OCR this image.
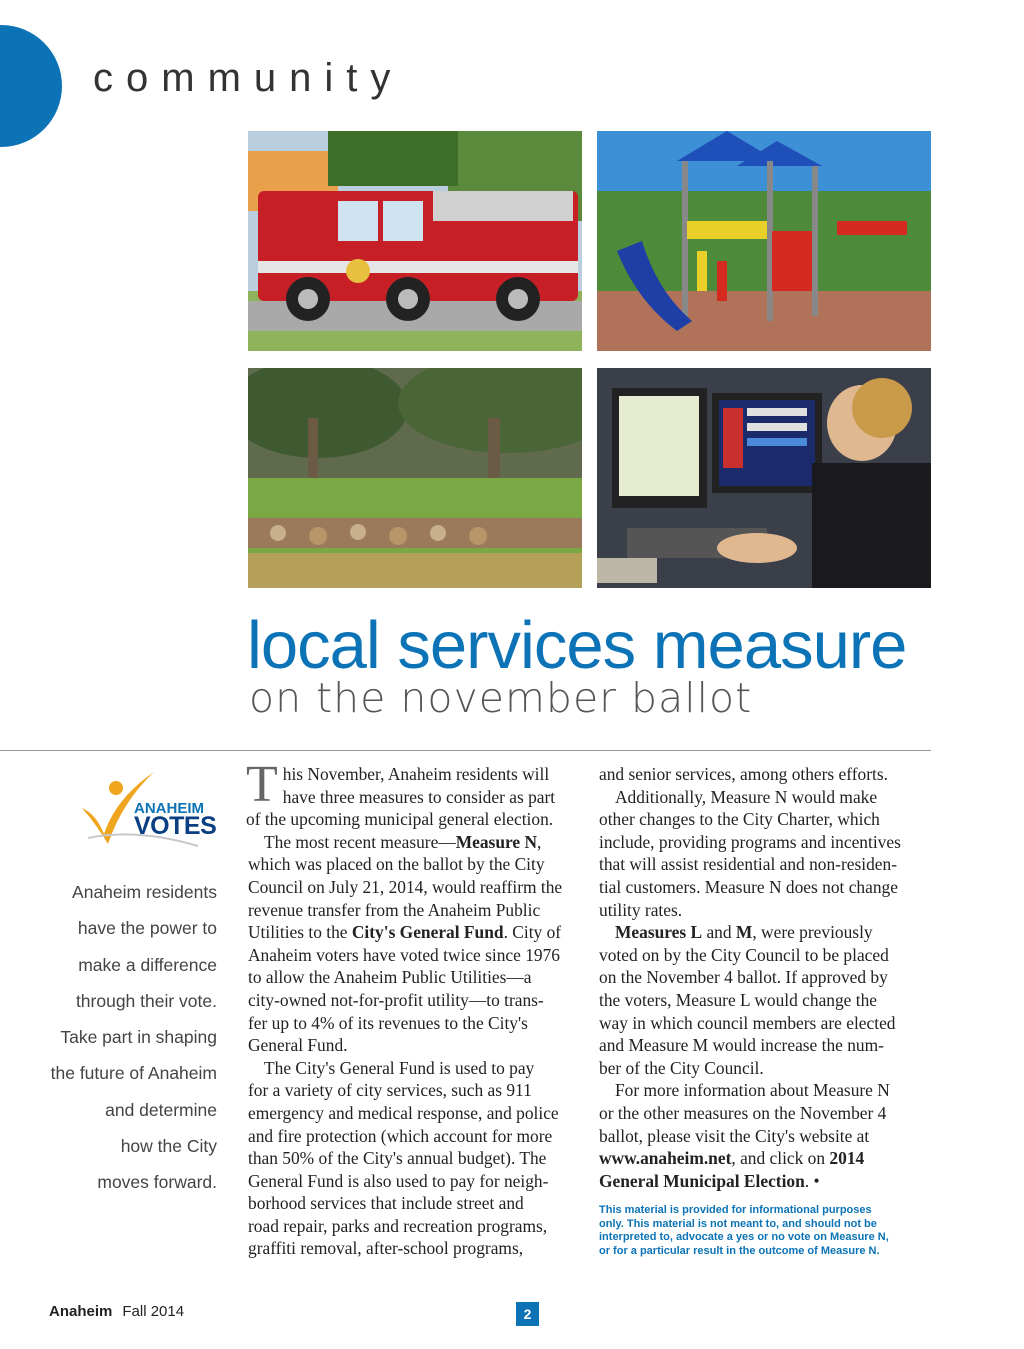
community
local services measure
on the november ballot
ANAHEIM
VOTES
Anaheim residents
have the power to
make a difference
through their vote.
Take part in shaping
the future of Anaheim
and determine
how the City
moves forward.

T his November, Anaheim residents will
have three measures to consider as part
of the upcoming municipal general election.

The most recent measure—Measure N,
which was placed on the ballot by the City
Council on July 21, 2014, would reaffirm the
revenue transfer from the Anaheim Public
Utilities to the City's General Fund. City of
Anaheim voters have voted twice since 1976
to allow the Anaheim Public Utilities—a
city-owned not-for-profit utility—to trans-
fer up to 4% of its revenues to the City's
General Fund.

The City's General Fund is used to pay
for a variety of city services, such as 911
emergency and medical response, and police
and fire protection (which account for more
than 50% of the City's annual budget). The
General Fund is also used to pay for neigh-
borhood services that include street and
road repair, parks and recreation programs,
graffiti removal, after-school programs,

and senior services, among others efforts.

Additionally, Measure N would make
other changes to the City Charter, which
include, providing programs and incentives
that will assist residential and non-residen-
tial customers. Measure N does not change
utility rates.

Measures L and M, were previously
voted on by the City Council to be placed
on the November 4 ballot. If approved by
the voters, Measure L would change the
way in which council members are elected
and Measure M would increase the num-
ber of the City Council.

For more information about Measure N
or the other measures on the November 4
ballot, please visit the City's website at
www.anaheim.net, and click on 2014
General Municipal Election. •

This material is provided for informational purposes
only. This material is not meant to, and should not be
interpreted to, advocate a yes or no vote on Measure N,
or for a particular result in the outcome of Measure N.
Anaheim Fall 2014	2
